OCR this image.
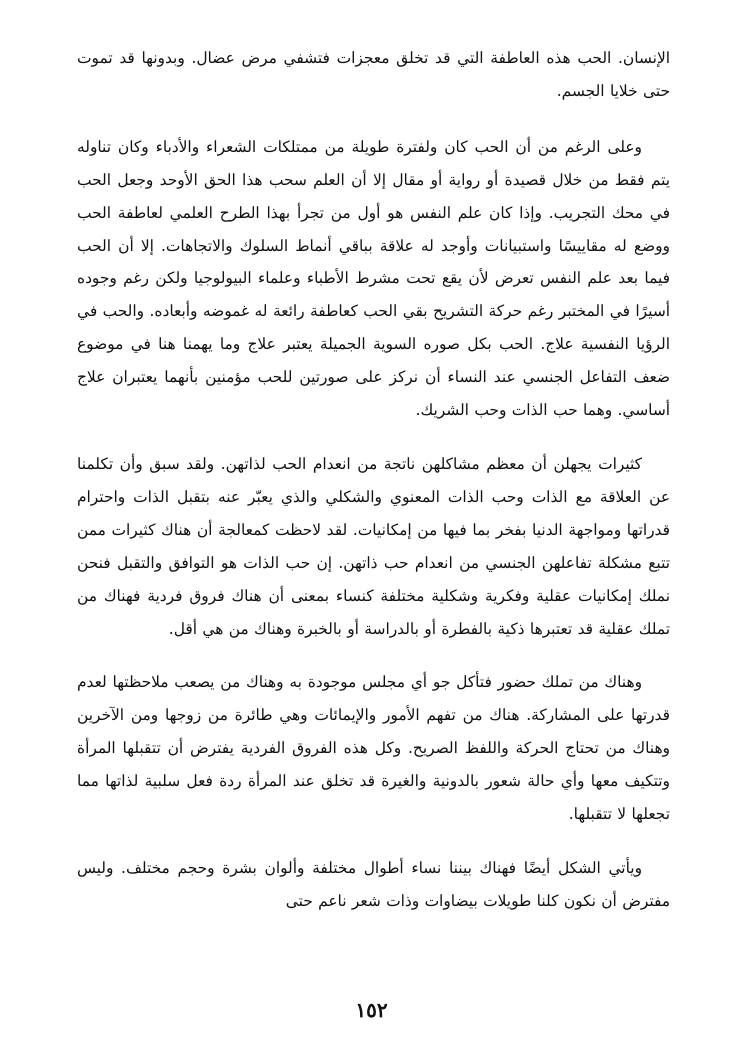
الإنسان. الحب هذه العاطفة التي قد تخلق معجزات فتشفي مرض عضال. وبدونها قد تموت حتى خلايا الجسم.

وعلى الرغم من أن الحب كان ولفترة طويلة من ممتلكات الشعراء والأدباء وكان تناوله يتم فقط من خلال قصيدة أو رواية أو مقال إلا أن العلم سحب هذا الحق الأوحد وجعل الحب في محك التجريب. وإذا كان علم النفس هو أول من تجرأ بهذا الطرح العلمي لعاطفة الحب ووضع له مقاييسًا واستبيانات وأوجد له علاقة بباقي أنماط السلوك والاتجاهات. إلا أن الحب فيما بعد علم النفس تعرض لأن يقع تحت مشرط الأطباء وعلماء البيولوجيا ولكن رغم وجوده أسيرًا في المختبر رغم حركة التشريح بقي الحب كعاطفة رائعة له غموضه وأبعاده. والحب في الرؤيا النفسية علاج. الحب بكل صوره السوية الجميلة يعتبر علاج وما يهمنا هنا في موضوع ضعف التفاعل الجنسي عند النساء أن نركز على صورتين للحب مؤمنين بأنهما يعتبران علاج أساسي. وهما حب الذات وحب الشريك.

كثيرات يجهلن أن معظم مشاكلهن ناتجة من انعدام الحب لذاتهن. ولقد سبق وأن تكلمنا عن العلاقة مع الذات وحب الذات المعنوي والشكلي والذي يعبّر عنه بتقبل الذات واحترام قدراتها ومواجهة الدنيا بفخر بما فيها من إمكانيات. لقد لاحظت كمعالجة أن هناك كثيرات ممن تتبع مشكلة تفاعلهن الجنسي من انعدام حب ذاتهن. إن حب الذات هو التوافق والتقبل فنحن نملك إمكانيات عقلية وفكرية وشكلية مختلفة كنساء بمعنى أن هناك فروق فردية فهناك من تملك عقلية قد تعتبرها ذكية بالفطرة أو بالدراسة أو بالخبرة وهناك من هي أقل.

وهناك من تملك حضور فتأكل جو أي مجلس موجودة به وهناك من يصعب ملاحظتها لعدم قدرتها على المشاركة. هناك من تفهم الأمور والإيمائات وهي طائرة من زوجها ومن الآخرين وهناك من تحتاج الحركة واللفظ الصريح. وكل هذه الفروق الفردية يفترض أن تتقبلها المرأة وتتكيف معها وأي حالة شعور بالدونية والغيرة قد تخلق عند المرأة ردة فعل سلبية لذاتها مما تجعلها لا تتقبلها.

ويأتي الشكل أيضًا فهناك بيننا نساء أطوال مختلفة وألوان بشرة وحجم مختلف. وليس مفترض أن نكون كلنا طويلات بيضاوات وذات شعر ناعم حتى

١٥٢
